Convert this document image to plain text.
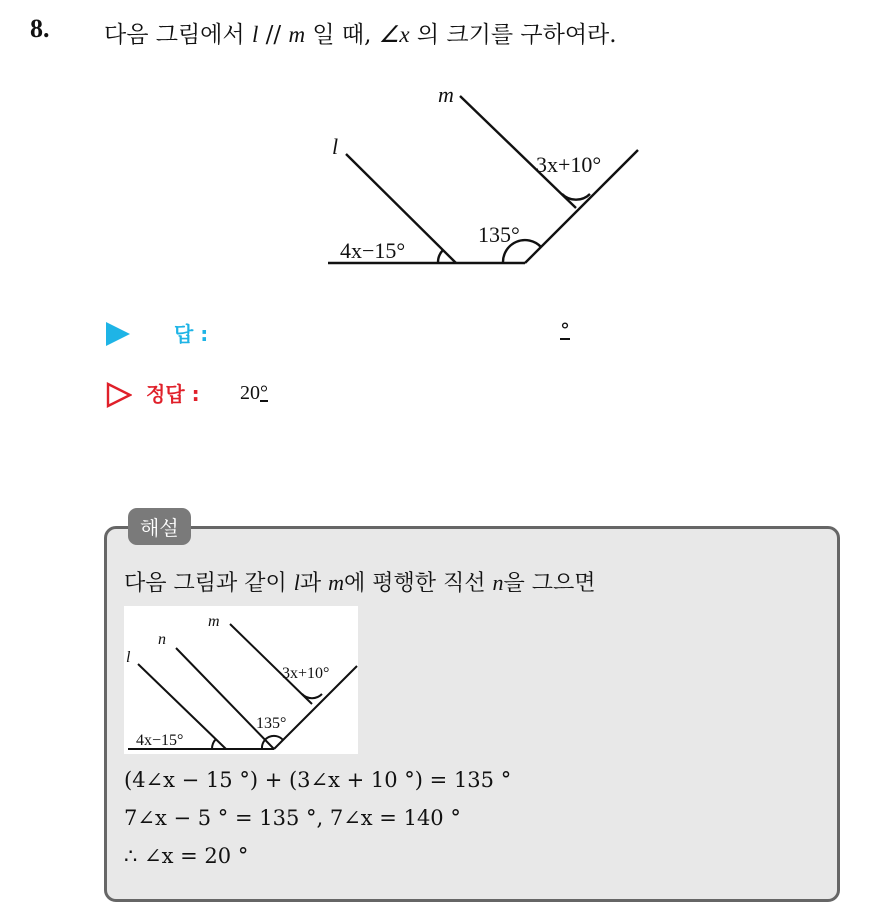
8. 다음 그림에서 l // m 일 때, ∠x 의 크기를 구하여라.
m
l
3x+10°
135°
4x−15°
답 :	°
정답 : 20°
해설
다음 그림과 같이 l과 m에 평행한 직선 n을 그으면
m
n
l
3x+10°
135°
4x−15°
(4∠x − 15 °) + (3∠x + 10 °) = 135 °
7∠x − 5 ° = 135 °, 7∠x = 140 °
∴ ∠x = 20 °
